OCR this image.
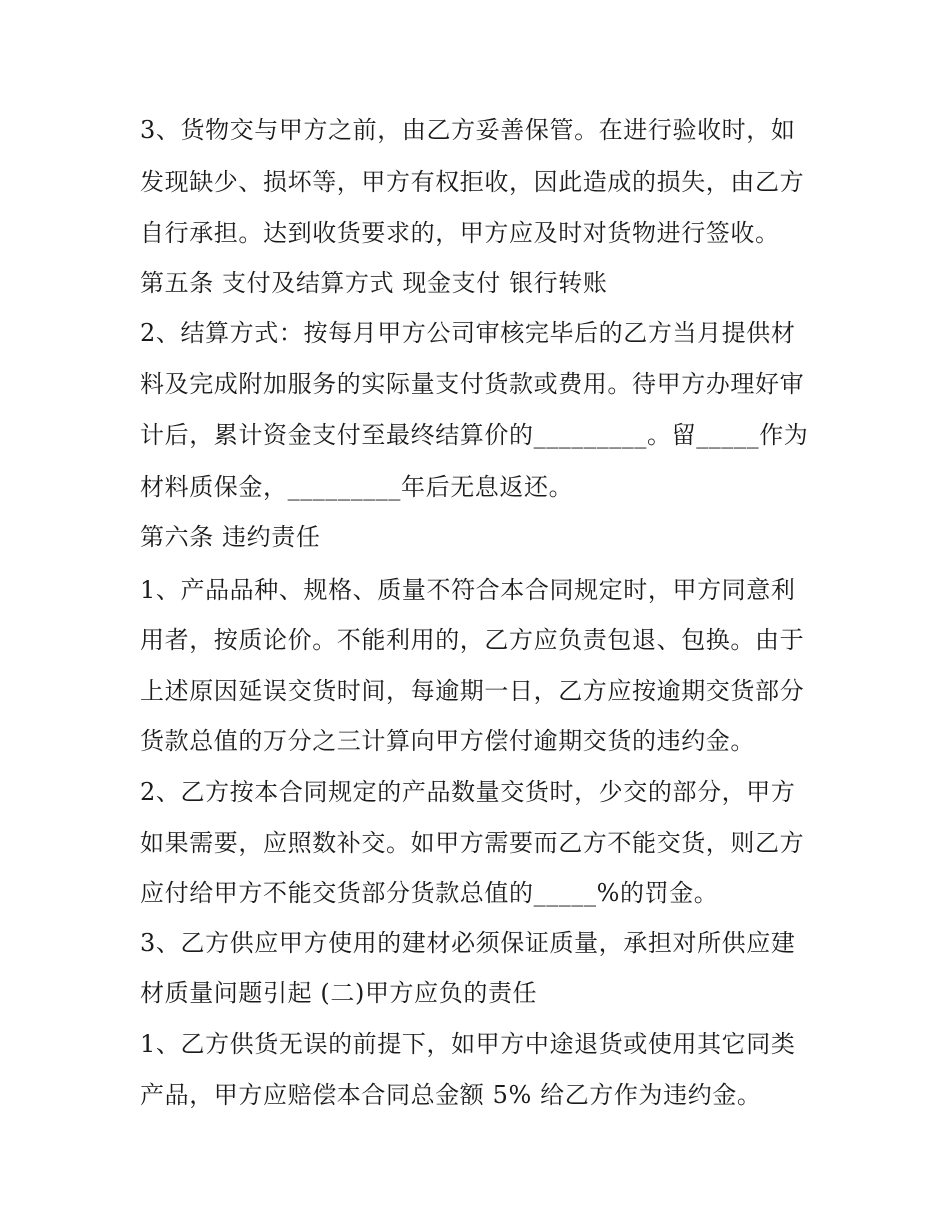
3、货物交与甲方之前，由乙方妥善保管。在进行验收时，如
发现缺少、损坏等，甲方有权拒收，因此造成的损失，由乙方
自行承担。达到收货要求的，甲方应及时对货物进行签收。
第五条 支付及结算方式 现金支付 银行转账
2、结算方式：按每月甲方公司审核完毕后的乙方当月提供材
料及完成附加服务的实际量支付货款或费用。待甲方办理好审
计后，累计资金支付至最终结算价的_________。留_____作为
材料质保金，_________年后无息返还。
第六条 违约责任
1、产品品种、规格、质量不符合本合同规定时，甲方同意利
用者，按质论价。不能利用的，乙方应负责包退、包换。由于
上述原因延误交货时间，每逾期一日，乙方应按逾期交货部分
货款总值的万分之三计算向甲方偿付逾期交货的违约金。
2、乙方按本合同规定的产品数量交货时，少交的部分，甲方
如果需要，应照数补交。如甲方需要而乙方不能交货，则乙方
应付给甲方不能交货部分货款总值的_____%的罚金。
3、乙方供应甲方使用的建材必须保证质量，承担对所供应建
材质量问题引起 (二)甲方应负的责任
1、乙方供货无误的前提下，如甲方中途退货或使用其它同类
产品，甲方应赔偿本合同总金额 5% 给乙方作为违约金。
